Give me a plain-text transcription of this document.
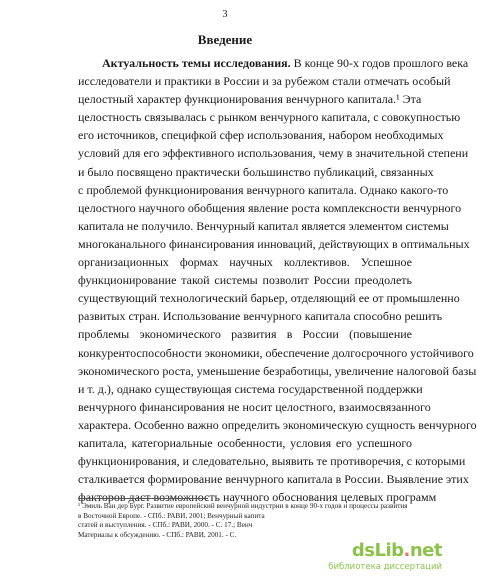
3
Введение
Актуальность темы исследования. В конце 90-х годов прошлого века
исследователи и практики в России и за рубежом стали отмечать особый
целостный характер функционирования венчурного капитала.¹ Эта
целостность связывалась с рынком венчурного капитала, с совокупностью
его источников, специфкой сфер использования, набором необходимых
условий для его эффективного использования, чему в значительной степени
и было посвящено практически большинство публикаций, связанных
с проблемой функционирования венчурного капитала. Однако какого-то
целостного научного обобщения явление роста комплексности венчурного
капитала не получило. Венчурный капитал является элементом системы
многоканального финансирования инноваций, действующих в оптимальных
организационных формах научных коллективов. Успешное
функционирование такой системы позволит России преодолеть
существующий технологический барьер, отделяющий ее от промышленно
развитых стран. Использование венчурного капитала способно решить
проблемы экономического развития в России (повышение
конкурентоспособности экономики, обеспечение долгосрочного устойчивого
экономического роста, уменьшение безработицы, увеличение налоговой базы
и т. д.), однако существующая система государственной поддержки
венчурного финансирования не носит целостного, взаимосвязанного
характера. Особенно важно определить экономическую сущность венчурного
капитала, категориальные особенности, условия его успешного
функционирования, и следовательно, выявить те противоречия, с которыми
сталкивается формирование венчурного капитала в России. Выявление этих
факторов даст возможность научного обоснования целевых программ
¹ Эмиль Ван дер Бург. Развитие европейский венчурной индустрии в конце 90-х годов и процессы развития
в Восточной Европе. - СПб.: РАВИ, 2001; Венчурный капита
статей и выступления. - СПб.: РАВИ, 2000. - С. 17.; Венч
Материалы к обсуждению. - СПб.: РАВИ, 2001. - С.
dsLib.net
библиотека диссертаций
